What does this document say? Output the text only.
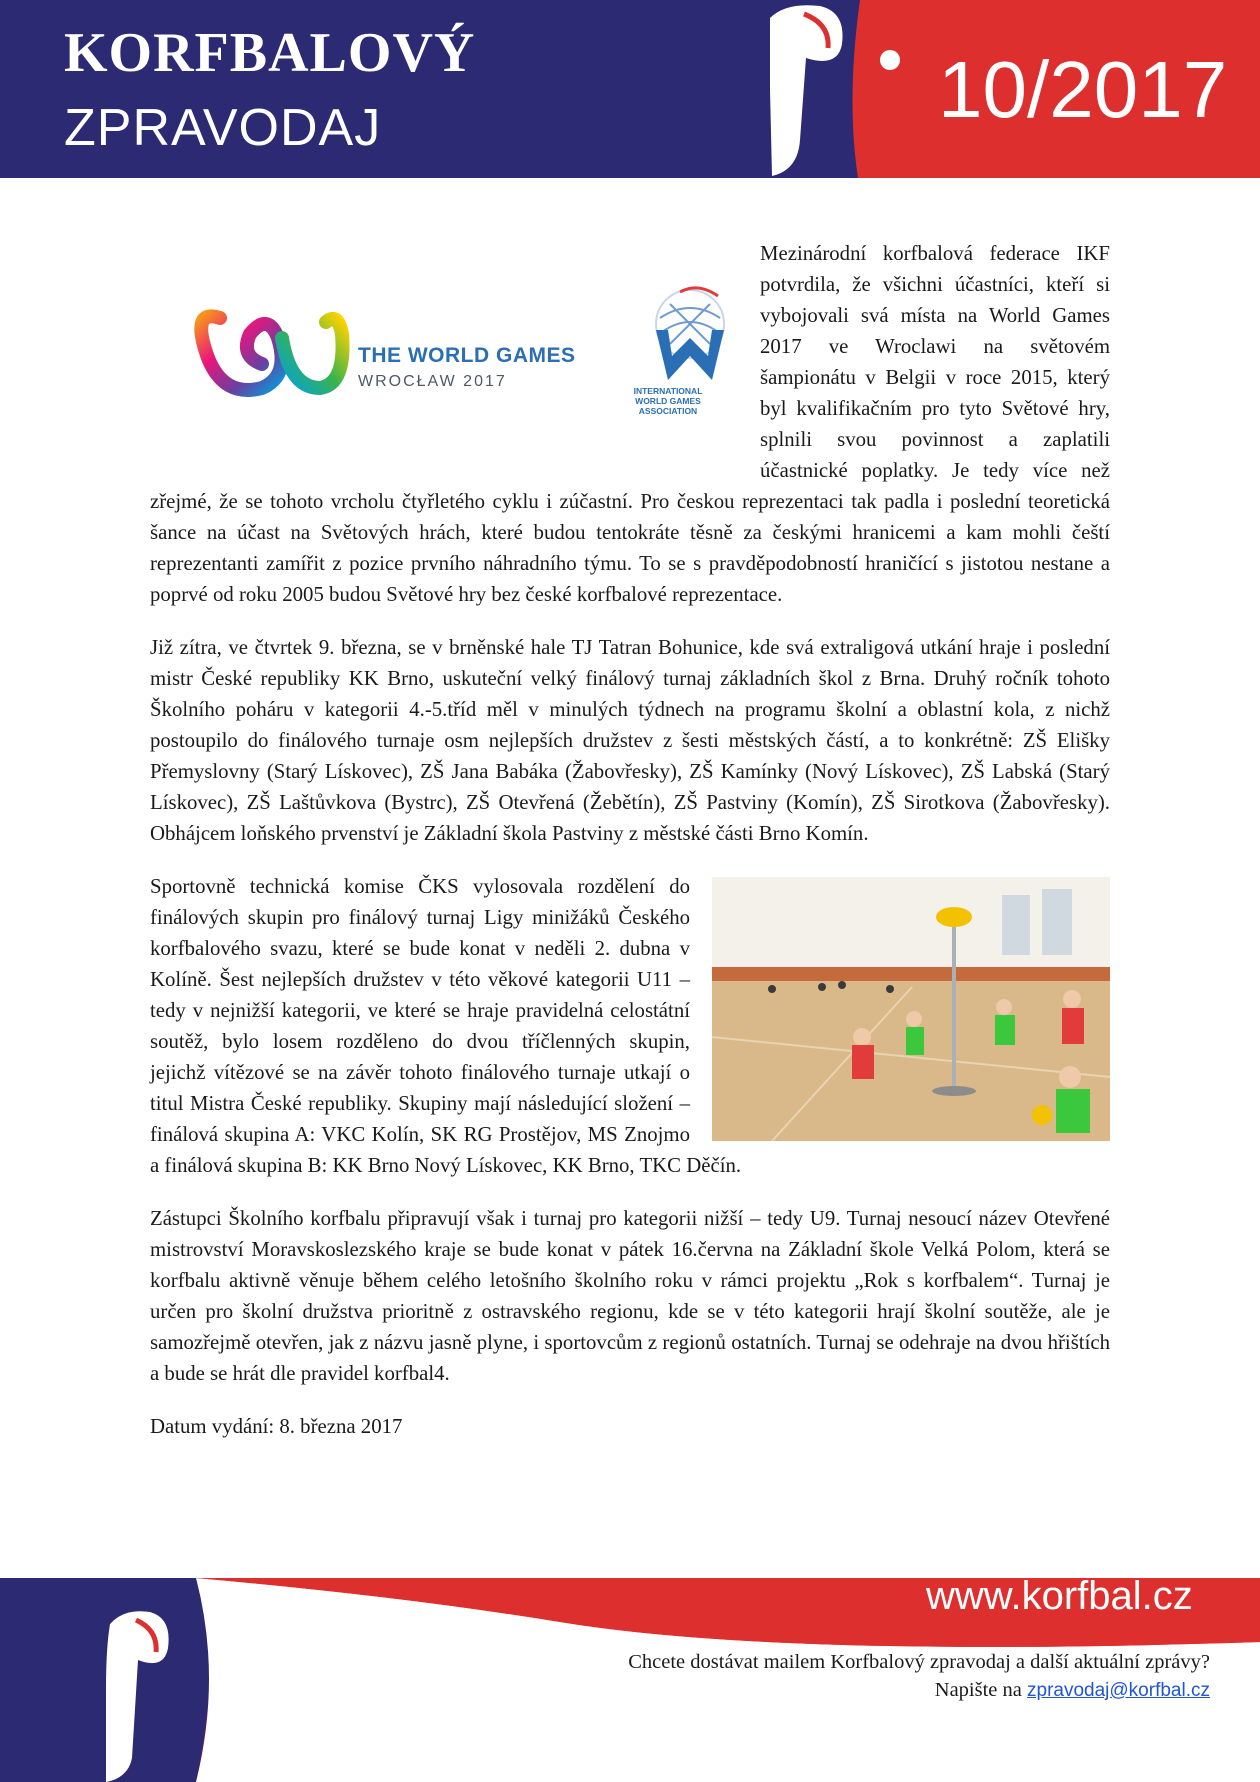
KORFBALOVÝ
ZPRAVODAJ	10/2017

THE WORLD GAMES
WROCŁAW 2017
INTERNATIONAL WORLD GAMES ASSOCIATION
Mezinárodní korfbalová federace IKF potvrdila, že všichni účastníci, kteří si vybojovali svá místa na World Games 2017 ve Wroclawi na světovém šampionátu v Belgii v roce 2015, který byl kvalifikačním pro tyto Světové hry, splnili svou povinnost a zaplatili účastnické poplatky. Je tedy více než zřejmé, že se tohoto vrcholu čtyřletého cyklu i zúčastní. Pro českou reprezentaci tak padla i poslední teoretická šance na účast na Světových hrách, které budou tentokráte těsně za českými hranicemi a kam mohli čeští reprezentanti zamířit z pozice prvního náhradního týmu. To se s pravděpodobností hraničící s jistotou nestane a poprvé od roku 2005 budou Světové hry bez české korfbalové reprezentace.

Již zítra, ve čtvrtek 9. března, se v brněnské hale TJ Tatran Bohunice, kde svá extraligová utkání hraje i poslední mistr České republiky KK Brno, uskuteční velký finálový turnaj základních škol z Brna. Druhý ročník tohoto Školního poháru v kategorii 4.-5.tříd měl v minulých týdnech na programu školní a oblastní kola, z nichž postoupilo do finálového turnaje osm nejlepších družstev z šesti městských částí, a to konkrétně: ZŠ Elišky Přemyslovny (Starý Lískovec), ZŠ Jana Babáka (Žabovřesky), ZŠ Kamínky (Nový Lískovec), ZŠ Labská (Starý Lískovec), ZŠ Laštůvkova (Bystrc), ZŠ Otevřená (Žebětín), ZŠ Pastviny (Komín), ZŠ Sirotkova (Žabovřesky). Obhájcem loňského prvenství je Základní škola Pastviny z městské části Brno Komín.

Sportovně technická komise ČKS vylosovala rozdělení do finálových skupin pro finálový turnaj Ligy minižáků Českého korfbalového svazu, které se bude konat v neděli 2. dubna v Kolíně. Šest nejlepších družstev v této věkové kategorii U11 – tedy v nejnižší kategorii, ve které se hraje pravidelná celostátní soutěž, bylo losem rozděleno do dvou tříčlenných skupin, jejichž vítězové se na závěr tohoto finálového turnaje utkají o titul Mistra České republiky. Skupiny mají následující složení – finálová skupina A: VKC Kolín, SK RG Prostějov, MS Znojmo a finálová skupina B: KK Brno Nový Lískovec, KK Brno, TKC Děčín.

Zástupci Školního korfbalu připravují však i turnaj pro kategorii nižší – tedy U9. Turnaj nesoucí název Otevřené mistrovství Moravskoslezského kraje se bude konat v pátek 16.června na Základní škole Velká Polom, která se korfbalu aktivně věnuje během celého letošního školního roku v rámci projektu „Rok s korfbalem“. Turnaj je určen pro školní družstva prioritně z ostravského regionu, kde se v této kategorii hrají školní soutěže, ale je samozřejmě otevřen, jak z názvu jasně plyne, i sportovcům z regionů ostatních. Turnaj se odehraje na dvou hřištích a bude se hrát dle pravidel korfbal4.

Datum vydání: 8. března 2017

www.korfbal.cz
Chcete dostávat mailem Korfbalový zpravodaj a další aktuální zprávy?
Napište na zpravodaj@korfbal.cz
